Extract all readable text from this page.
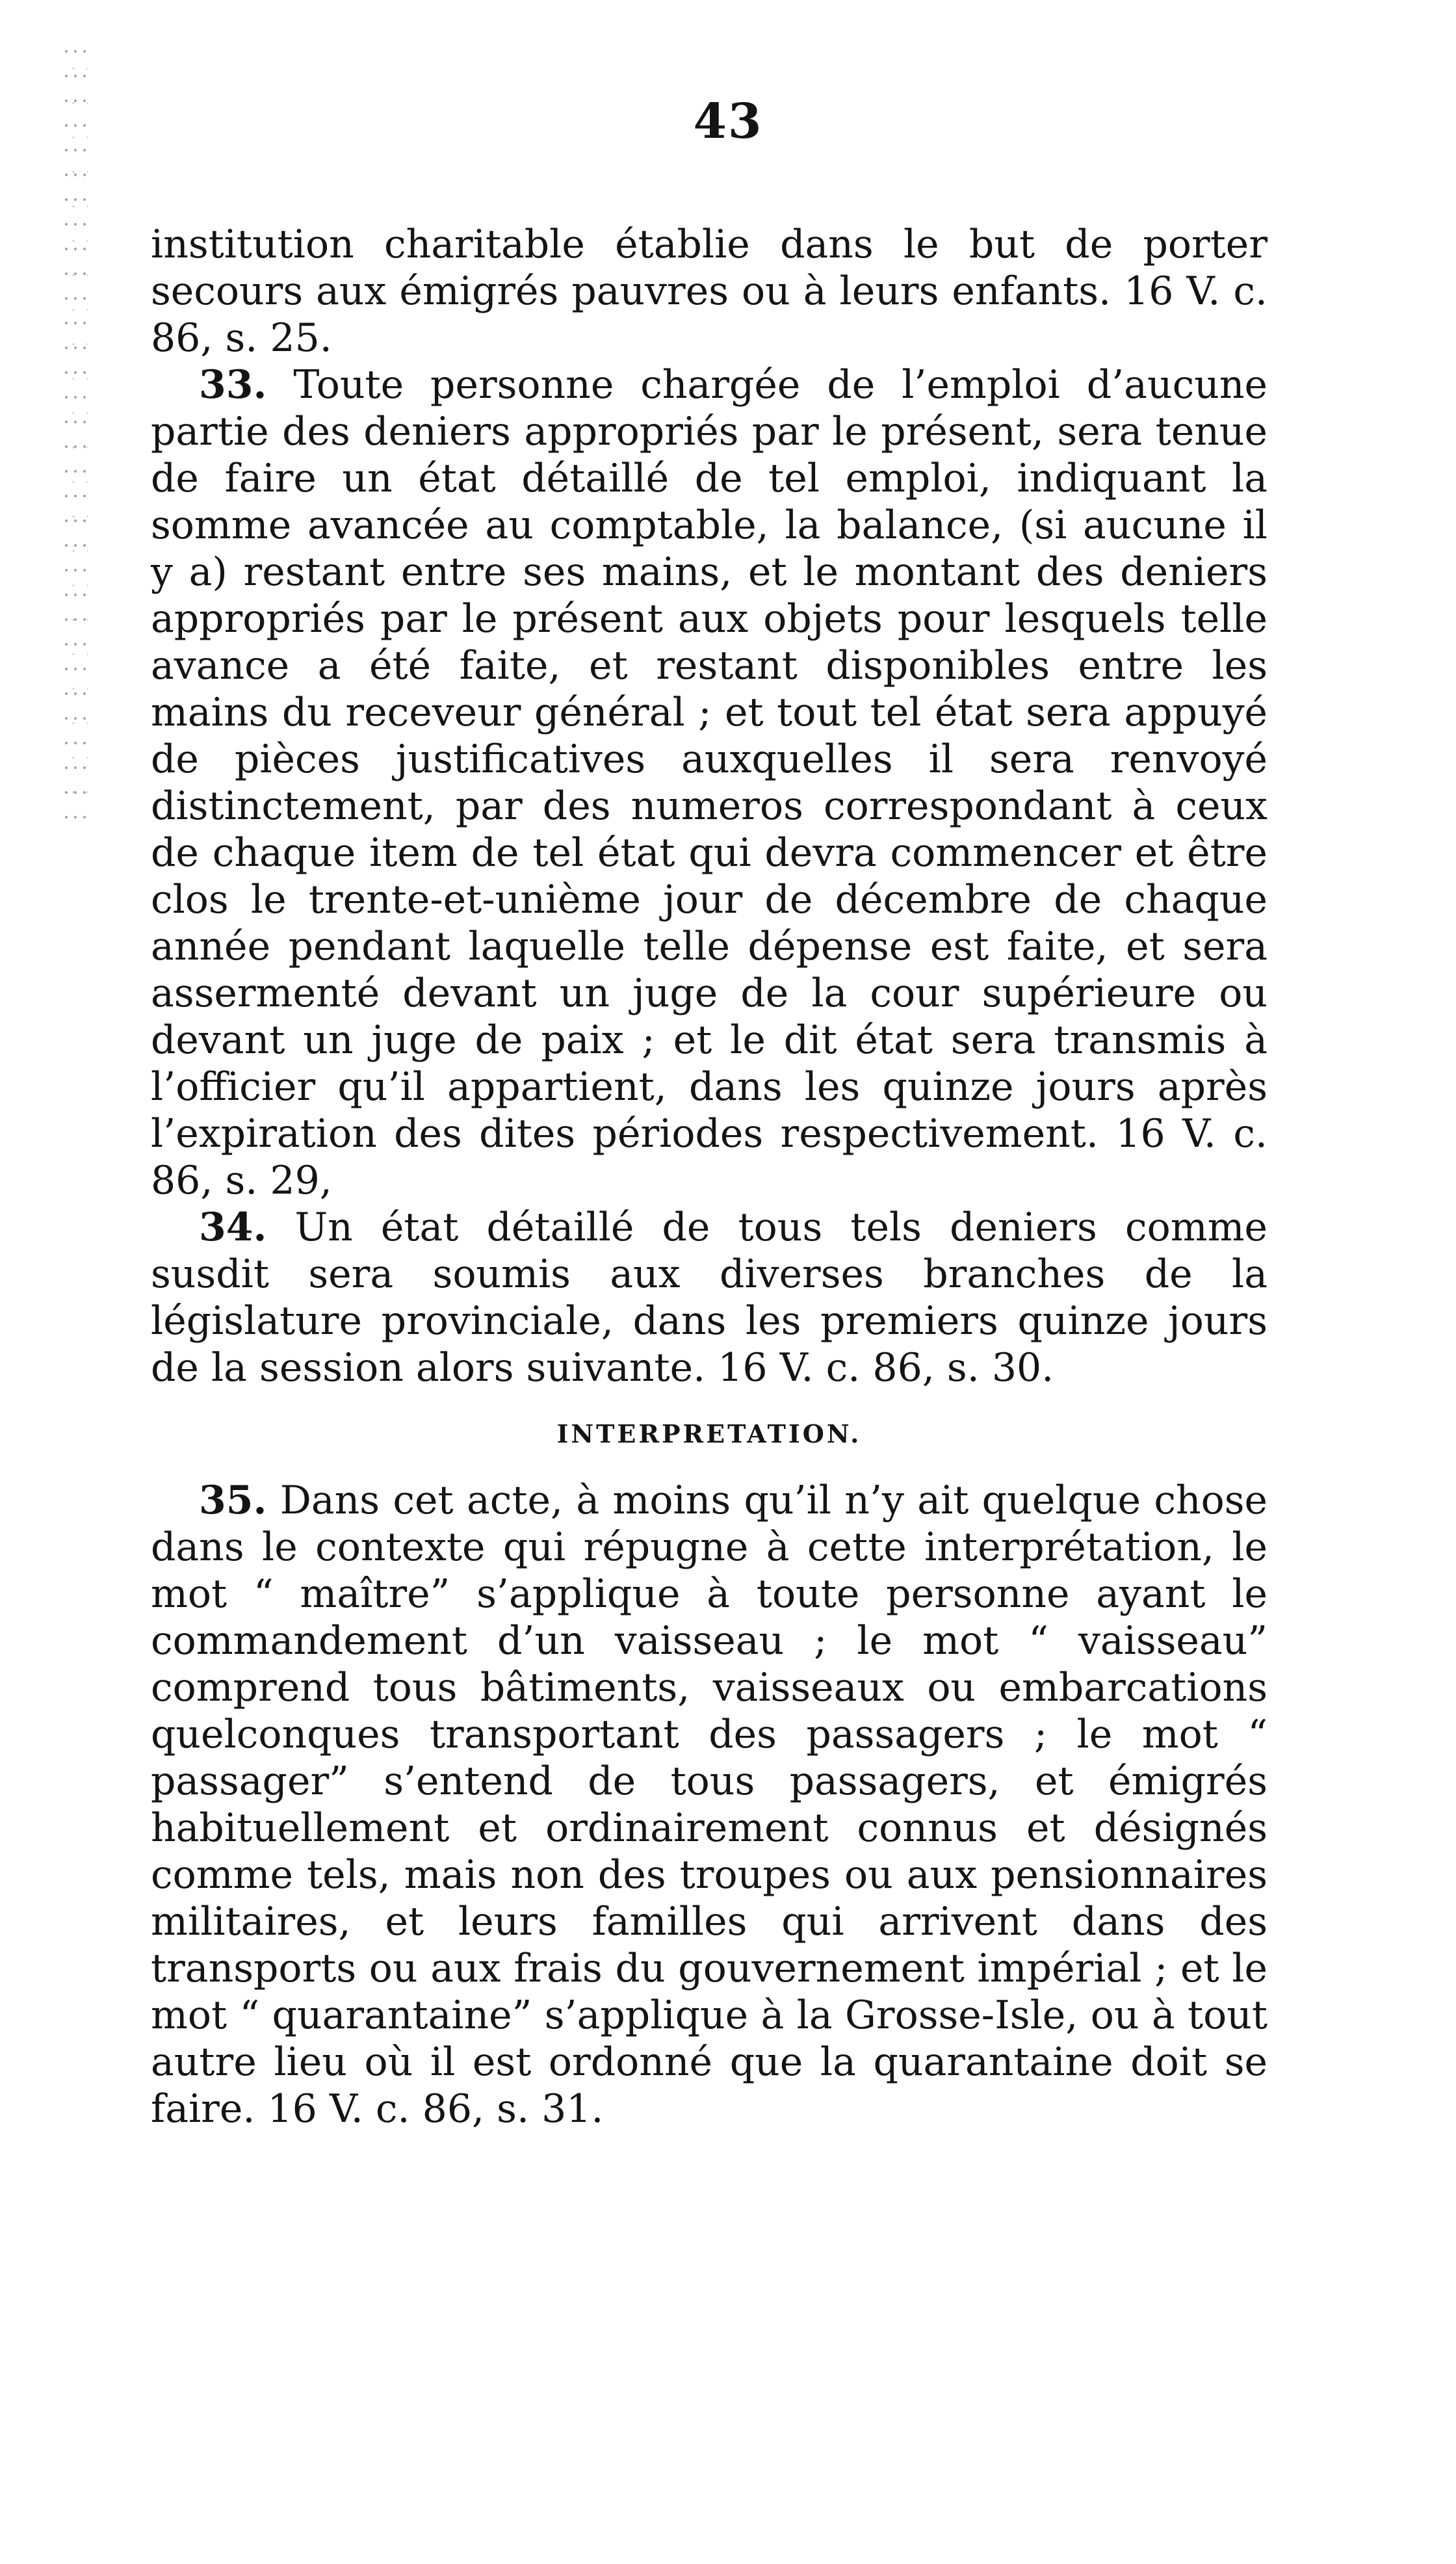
43

institution charitable établie dans le but de porter secours aux émigrés pauvres ou à leurs enfants. 16 V. c. 86, s. 25.

33. Toute personne chargée de l’emploi d’aucune partie des deniers appropriés par le présent, sera tenue de faire un état détaillé de tel emploi, indiquant la somme avancée au comptable, la balance, (si aucune il y a) restant entre ses mains, et le montant des deniers appropriés par le présent aux objets pour lesquels telle avance a été faite, et restant disponibles entre les mains du receveur général ; et tout tel état sera appuyé de pièces justificatives auxquelles il sera renvoyé distinctement, par des numeros correspondant à ceux de chaque item de tel état qui devra commencer et être clos le trente-et-unième jour de décembre de chaque année pendant laquelle telle dépense est faite, et sera assermenté devant un juge de la cour supérieure ou devant un juge de paix ; et le dit état sera transmis à l’officier qu’il appartient, dans les quinze jours après l’expiration des dites périodes respectivement. 16 V. c. 86, s. 29,

34. Un état détaillé de tous tels deniers comme susdit sera soumis aux diverses branches de la législature provinciale, dans les premiers quinze jours de la session alors suivante. 16 V. c. 86, s. 30.

INTERPRETATION.

35. Dans cet acte, à moins qu’il n’y ait quelque chose dans le contexte qui répugne à cette interprétation, le mot “ maître” s’applique à toute personne ayant le commandement d’un vaisseau ; le mot “ vaisseau” comprend tous bâtiments, vaisseaux ou embarcations quelconques transportant des passagers ; le mot “ passager” s’entend de tous passagers, et émigrés habituellement et ordinairement connus et désignés comme tels, mais non des troupes ou aux pensionnaires militaires, et leurs familles qui arrivent dans des transports ou aux frais du gouvernement impérial ; et le mot “ quarantaine” s’applique à la Grosse-Isle, ou à tout autre lieu où il est ordonné que la quarantaine doit se faire. 16 V. c. 86, s. 31.
